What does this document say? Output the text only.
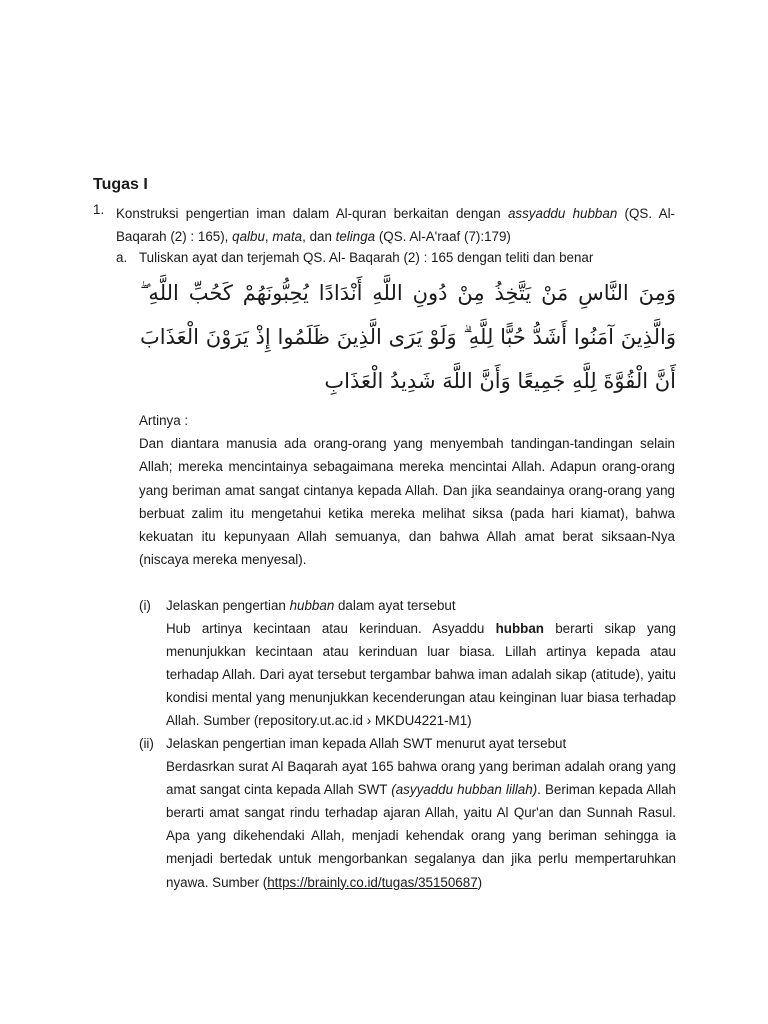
Tugas I
1. Konstruksi pengertian iman dalam Al-quran berkaitan dengan assyaddu hubban (QS. Al-Baqarah (2) : 165), qalbu, mata, dan telinga (QS. Al-A'raaf (7):179)
a. Tuliskan ayat dan terjemah QS. Al- Baqarah (2) : 165 dengan teliti dan benar
وَمِنَ النَّاسِ مَنْ يَتَّخِذُ مِنْ دُونِ اللَّهِ أَنْدَادًا يُحِبُّونَهُمْ كَحُبِّ اللَّهِ ۖ وَالَّذِينَ آمَنُوا أَشَدُّ حُبًّا لِلَّهِ ۗ وَلَوْ يَرَى الَّذِينَ ظَلَمُوا إِذْ يَرَوْنَ الْعَذَابَ أَنَّ الْقُوَّةَ لِلَّهِ جَمِيعًا وَأَنَّ اللَّهَ شَدِيدُ الْعَذَابِ
Artinya :
Dan diantara manusia ada orang-orang yang menyembah tandingan-tandingan selain Allah; mereka mencintainya sebagaimana mereka mencintai Allah. Adapun orang-orang yang beriman amat sangat cintanya kepada Allah. Dan jika seandainya orang-orang yang berbuat zalim itu mengetahui ketika mereka melihat siksa (pada hari kiamat), bahwa kekuatan itu kepunyaan Allah semuanya, dan bahwa Allah amat berat siksaan-Nya (niscaya mereka menyesal).
(i) Jelaskan pengertian hubban dalam ayat tersebut
Hub artinya kecintaan atau kerinduan. Asyaddu hubban berarti sikap yang menunjukkan kecintaan atau kerinduan luar biasa. Lillah artinya kepada atau terhadap Allah. Dari ayat tersebut tergambar bahwa iman adalah sikap (atitude), yaitu kondisi mental yang menunjukkan kecenderungan atau keinginan luar biasa terhadap Allah. Sumber (repository.ut.ac.id › MKDU4221-M1)
(ii) Jelaskan pengertian iman kepada Allah SWT menurut ayat tersebut
Berdasrkan surat Al Baqarah ayat 165 bahwa orang yang beriman adalah orang yang amat sangat cinta kepada Allah SWT (asyyaddu hubban lillah). Beriman kepada Allah berarti amat sangat rindu terhadap ajaran Allah, yaitu Al Qur'an dan Sunnah Rasul. Apa yang dikehendaki Allah, menjadi kehendak orang yang beriman sehingga ia menjadi bertedak untuk mengorbankan segalanya dan jika perlu mempertaruhkan nyawa. Sumber (https://brainly.co.id/tugas/35150687)
